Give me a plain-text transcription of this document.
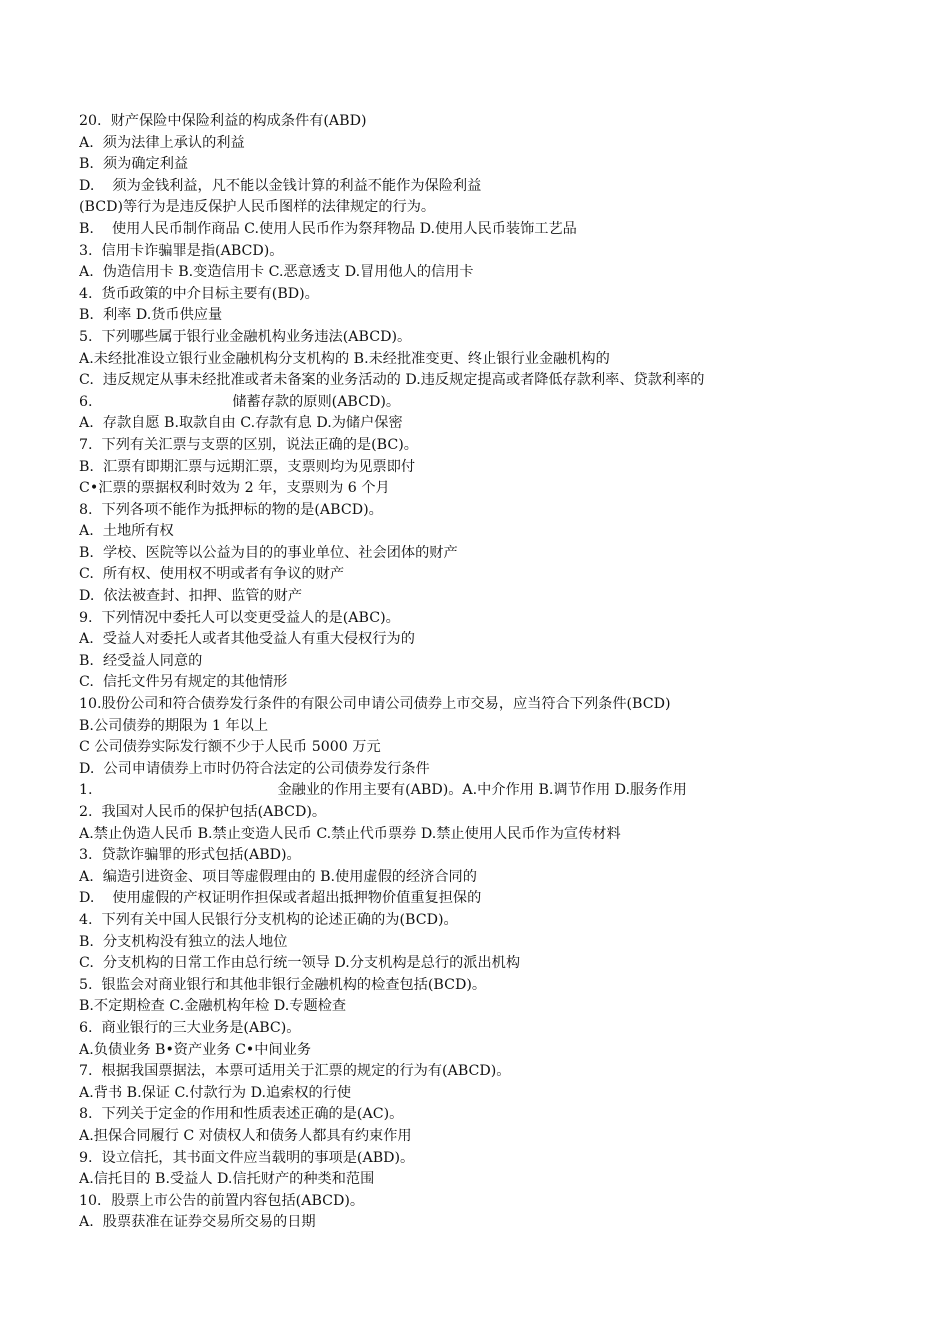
20.  财产保险中保险利益的构成条件有(ABD)
A.  须为法律上承认的利益
B.  须为确定利益
D.    须为金钱利益，凡不能以金钱计算的利益不能作为保险利益
(BCD)等行为是违反保护人民币图样的法律规定的行为。
B.    使用人民币制作商品 C.使用人民币作为祭拜物品 D.使用人民币装饰工艺品
3.  信用卡诈骗罪是指(ABCD)。
A.  伪造信用卡 B.变造信用卡 C.恶意透支 D.冒用他人的信用卡
4.  货币政策的中介目标主要有(BD)。
B.  利率 D.货币供应量
5.  下列哪些属于银行业金融机构业务违法(ABCD)。
A.未经批准设立银行业金融机构分支机构的 B.未经批准变更、终止银行业金融机构的
C.  违反规定从事未经批准或者未备案的业务活动的 D.违反规定提高或者降低存款利率、贷款利率的
6.                               储蓄存款的原则(ABCD)。
A.  存款自愿 B.取款自由 C.存款有息 D.为储户保密
7.  下列有关汇票与支票的区别，说法正确的是(BC)。
B.  汇票有即期汇票与远期汇票，支票则均为见票即付
C•汇票的票据权利时效为 2 年，支票则为 6 个月
8.  下列各项不能作为抵押标的物的是(ABCD)。
A.  土地所有权
B.  学校、医院等以公益为目的的事业单位、社会团体的财产
C.  所有权、使用权不明或者有争议的财产
D.  依法被查封、扣押、监管的财产
9.  下列情况中委托人可以变更受益人的是(ABC)。
A.  受益人对委托人或者其他受益人有重大侵权行为的
B.  经受益人同意的
C.  信托文件另有规定的其他情形
10.股份公司和符合债券发行条件的有限公司申请公司债券上市交易，应当符合下列条件(BCD)
B.公司债券的期限为 1 年以上
C 公司债券实际发行额不少于人民币 5000 万元
D.  公司申请债券上市时仍符合法定的公司债券发行条件
1.                                         金融业的作用主要有(ABD)。A.中介作用 B.调节作用 D.服务作用
2.  我国对人民币的保护包括(ABCD)。
A.禁止伪造人民币 B.禁止变造人民币 C.禁止代币票券 D.禁止使用人民币作为宣传材料
3.  贷款诈骗罪的形式包括(ABD)。
A.  编造引进资金、项目等虚假理由的 B.使用虚假的经济合同的
D.    使用虚假的产权证明作担保或者超出抵押物价值重复担保的
4.  下列有关中国人民银行分支机构的论述正确的为(BCD)。
B.  分支机构没有独立的法人地位
C.  分支机构的日常工作由总行统一领导 D.分支机构是总行的派出机构
5.  银监会对商业银行和其他非银行金融机构的检查包括(BCD)。
B.不定期检查 C.金融机构年检 D.专题检查
6.  商业银行的三大业务是(ABC)。
A.负债业务 B•资产业务 C•中间业务
7.  根据我国票据法，本票可适用关于汇票的规定的行为有(ABCD)。
A.背书 B.保证 C.付款行为 D.追索权的行使
8.  下列关于定金的作用和性质表述正确的是(AC)。
A.担保合同履行 C 对债权人和债务人都具有约束作用
9.  设立信托，其书面文件应当载明的事项是(ABD)。
A.信托目的 B.受益人 D.信托财产的种类和范围
10．股票上市公告的前置内容包括(ABCD)。
A.  股票获准在证券交易所交易的日期
